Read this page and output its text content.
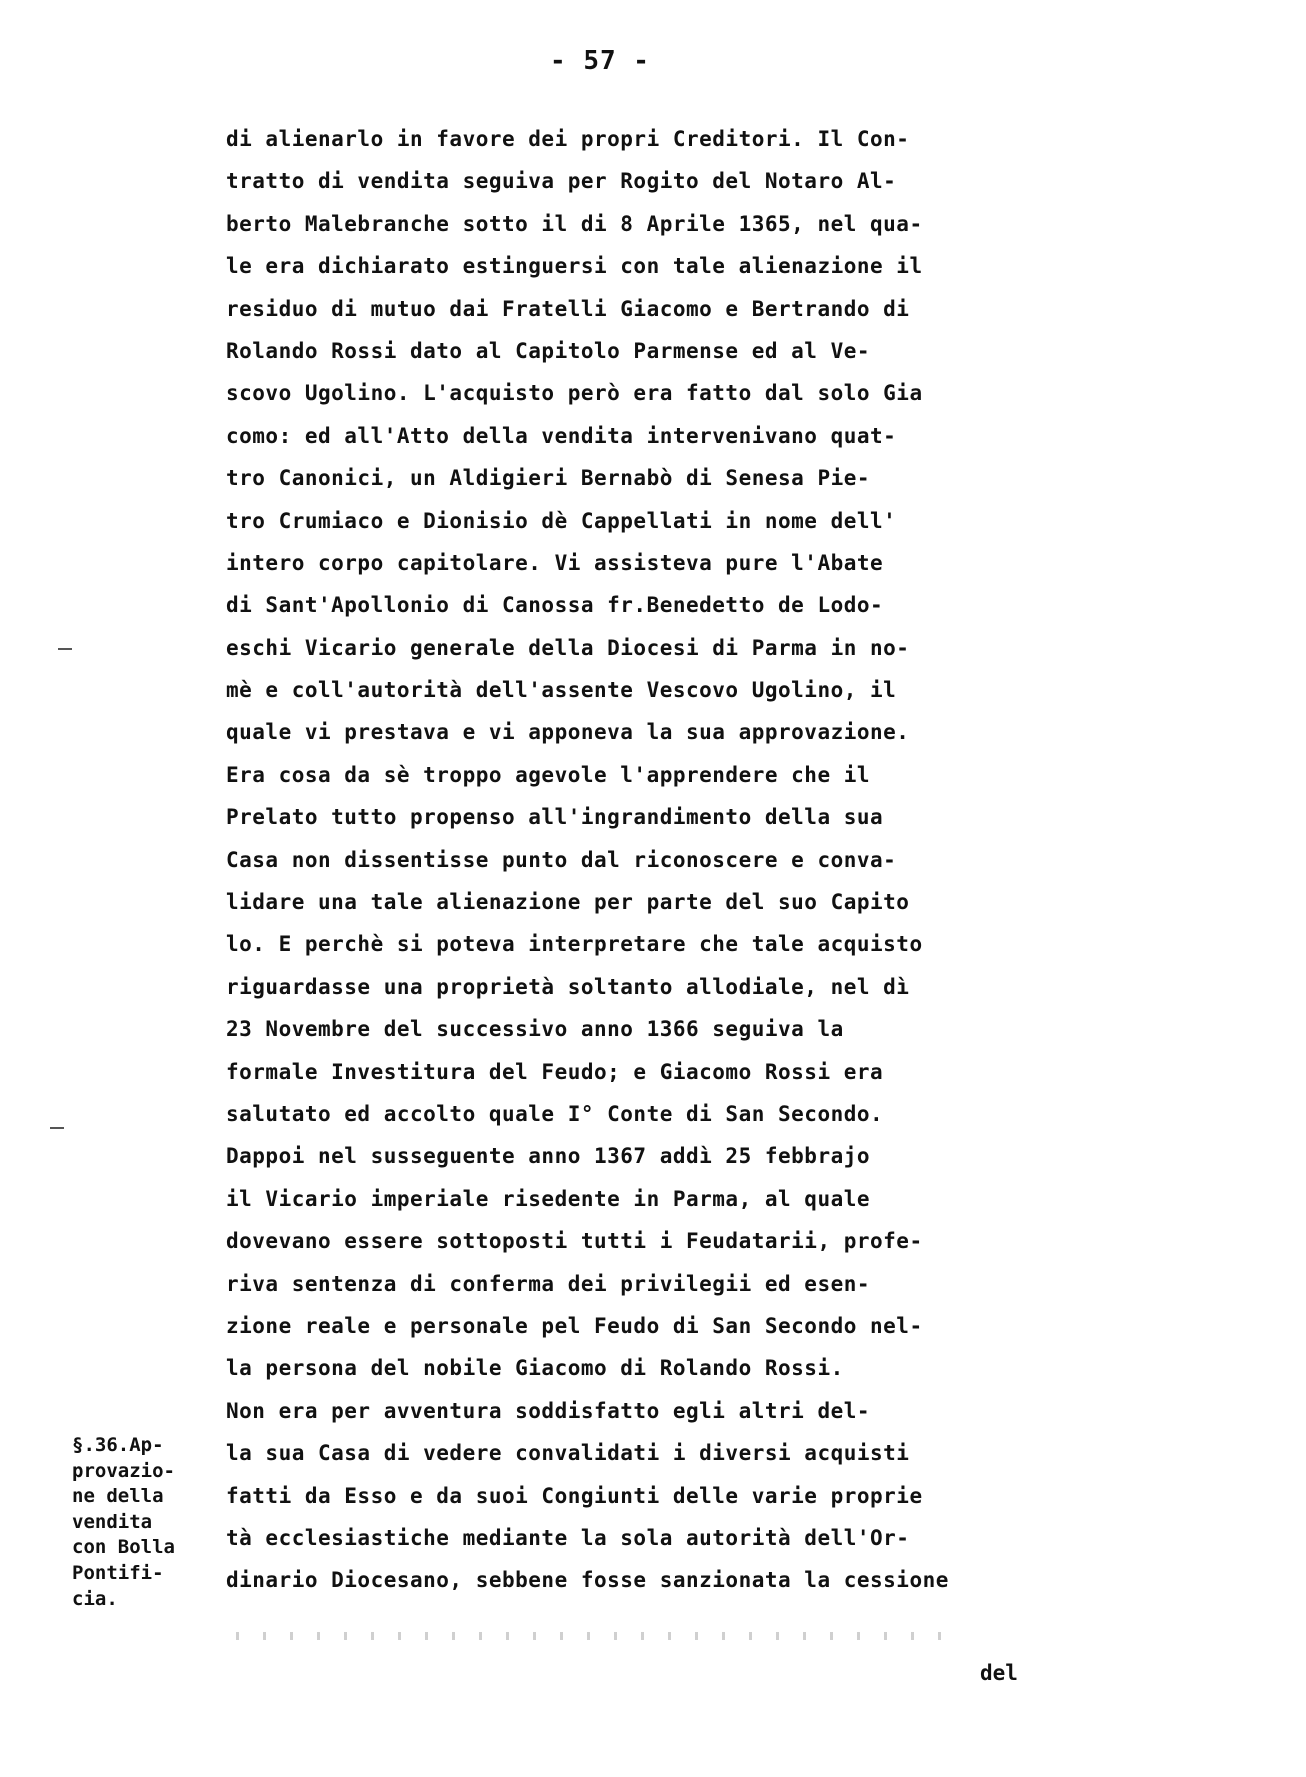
- 57 -
di alienarlo in favore dei propri Creditori. Il Con-
tratto di vendita seguiva per Rogito del Notaro Al-
berto Malebranche sotto il di 8 Aprile 1365, nel qua-
le era dichiarato estinguersi con tale alienazione il
residuo di mutuo dai Fratelli Giacomo e Bertrando di
Rolando Rossi dato al Capitolo Parmense ed al Ve-
scovo Ugolino. L'acquisto però era fatto dal solo Gia
como: ed all'Atto della vendita intervenivano quat-
tro Canonici, un Aldigieri Bernabò di Senesa Pie-
tro Crumiaco e Dionisio dè Cappellati in nome dell'
intero corpo capitolare. Vi assisteva pure l'Abate
di Sant'Apollonio di Canossa fr.Benedetto de Lodo-
eschi Vicario generale della Diocesi di Parma in no-
mè e coll'autorità dell'assente Vescovo Ugolino, il
quale vi prestava e vi apponeva la sua approvazione.
Era cosa da sè troppo agevole l'apprendere che il
Prelato tutto propenso all'ingrandimento della sua
Casa non dissentisse punto dal riconoscere e conva-
lidare una tale alienazione per parte del suo Capito
lo. E perchè si poteva interpretare che tale acquisto
riguardasse una proprietà soltanto allodiale, nel dì
23 Novembre del successivo anno 1366 seguiva la
formale Investitura del Feudo; e Giacomo Rossi era
salutato ed accolto quale I° Conte di San Secondo.
Dappoi nel susseguente anno 1367 addì 25 febbrajo
il Vicario imperiale risedente in Parma, al quale
dovevano essere sottoposti tutti i Feudatarii, profe-
riva sentenza di conferma dei privilegii ed esen-
zione reale e personale pel Feudo di San Secondo nel-
la persona del nobile Giacomo di Rolando Rossi.
Non era per avventura soddisfatto egli altri del-
la sua Casa di vedere convalidati i diversi acquisti
fatti da Esso e da suoi Congiunti delle varie proprie
tà ecclesiastiche mediante la sola autorità dell'Or-
dinario Diocesano, sebbene fosse sanzionata la cessione
§.36.Ap-
provazio-
ne della
vendita
con Bolla
Pontifi-
cia.
del
